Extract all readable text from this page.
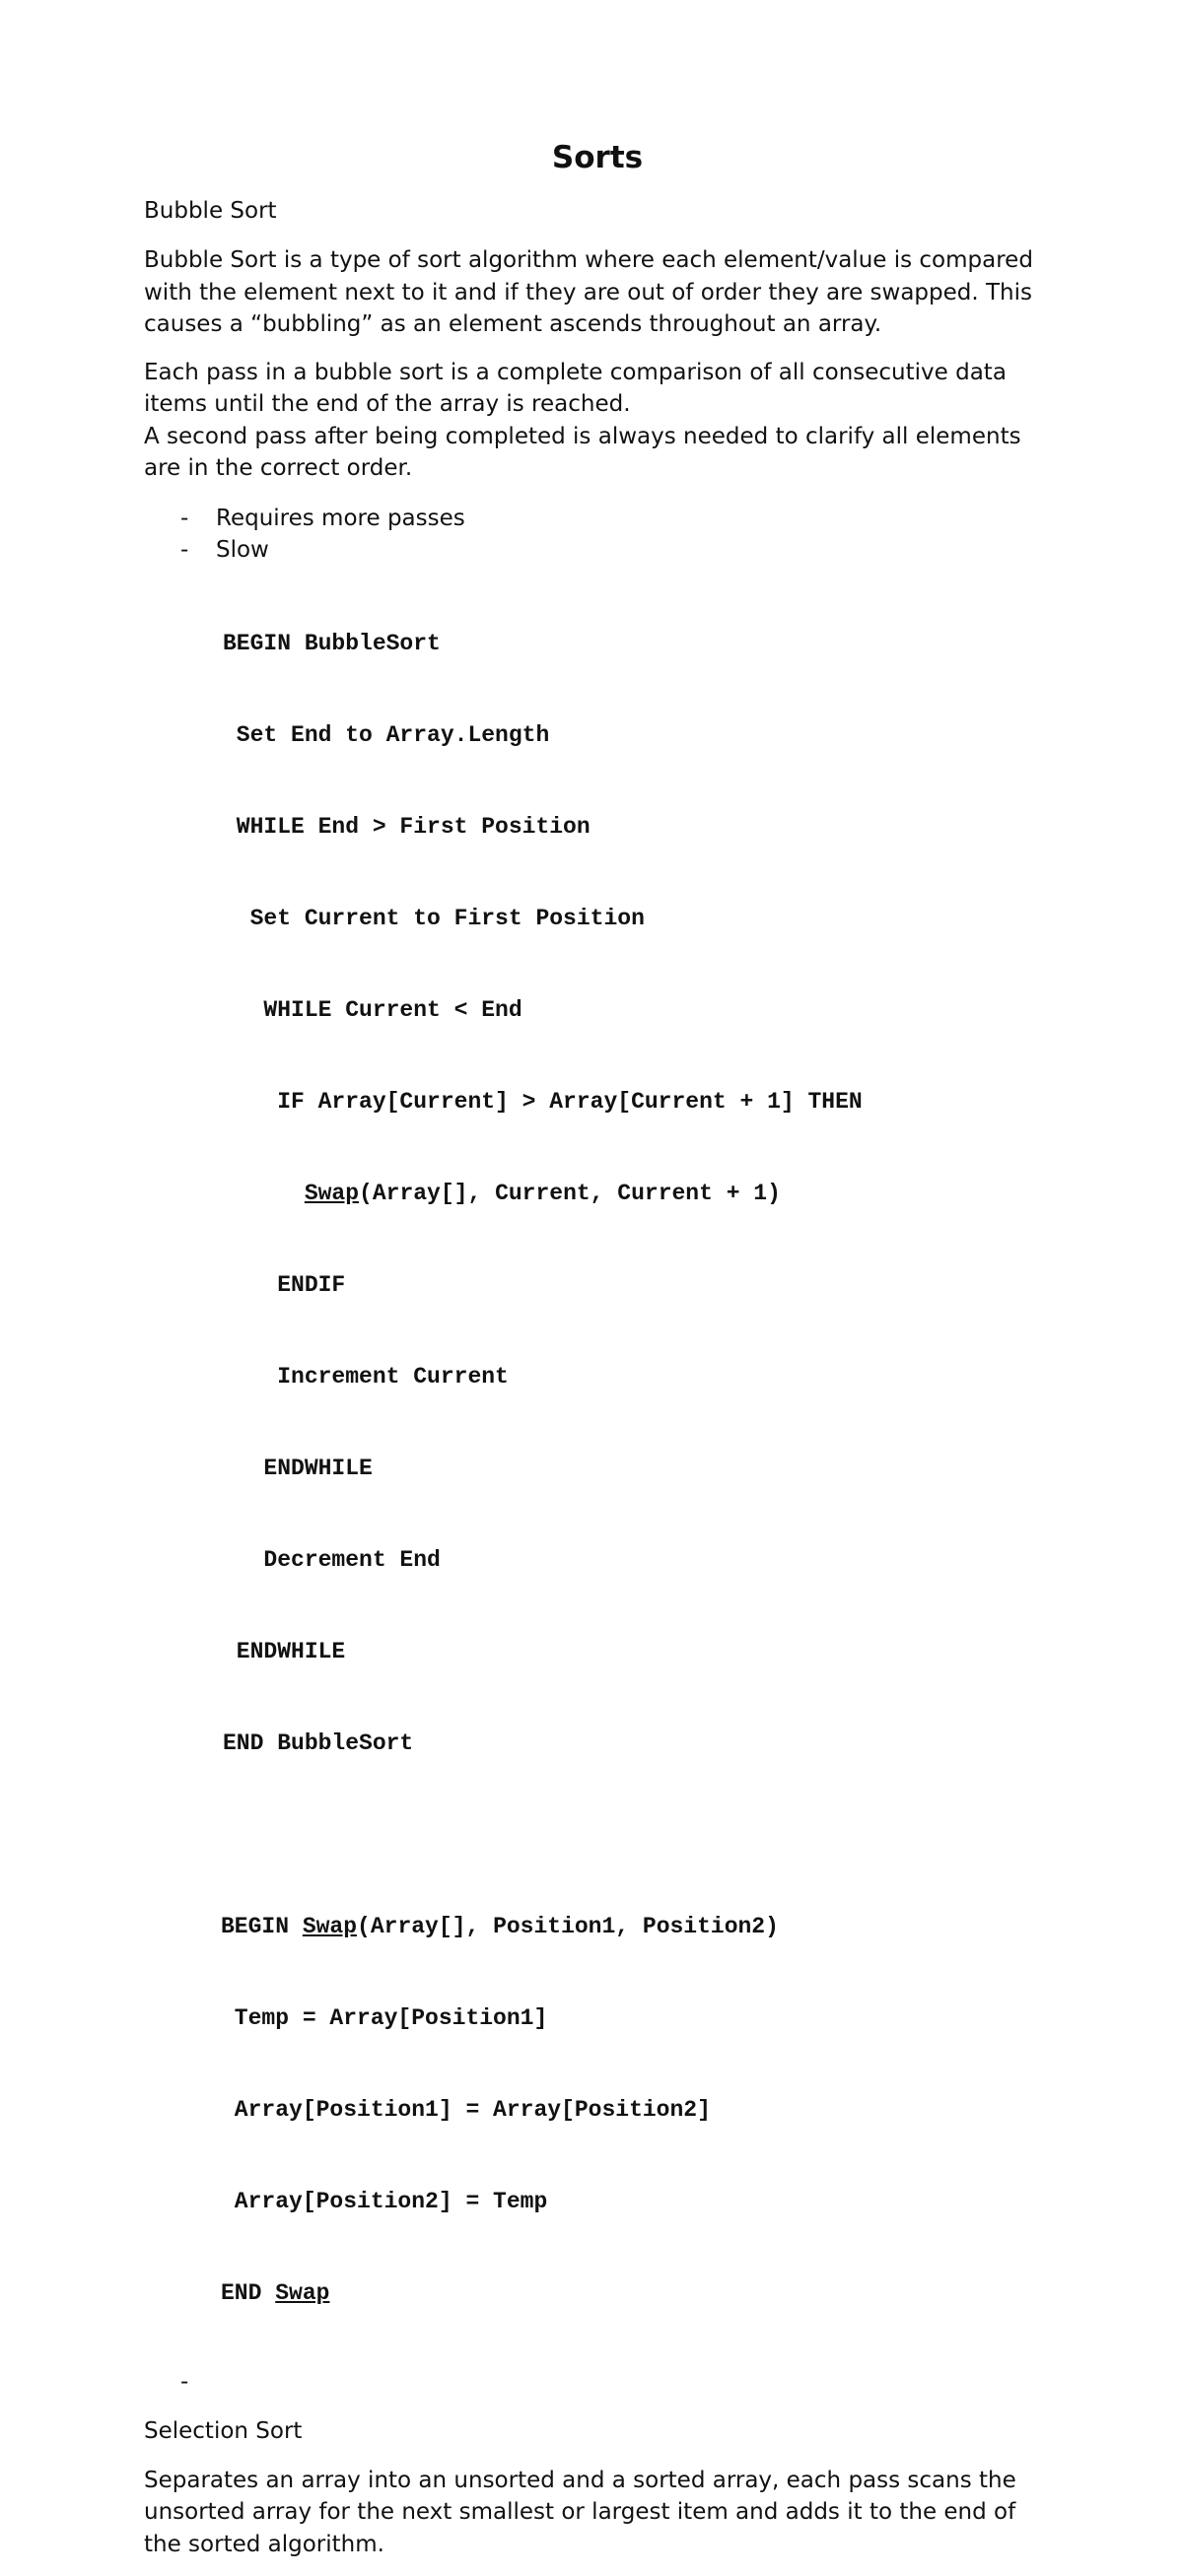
Sorts
Bubble Sort

Bubble Sort is a type of sort algorithm where each element/value is compared with the element next to it and if they are out of order they are swapped. This causes a “bubbling” as an element ascends throughout an array.

Each pass in a bubble sort is a complete comparison of all consecutive data items until the end of the array is reached.

A second pass after being completed is always needed to clarify all elements are in the correct order.

- Requires more passes
- Slow

BEGIN BubbleSort

Set End to Array.Length

WHILE End > First Position

Set Current to First Position

WHILE Current < End

IF Array[Current] > Array[Current + 1] THEN

Swap(Array[], Current, Current + 1)

ENDIF

Increment Current

ENDWHILE

Decrement End

ENDWHILE

END BubbleSort

BEGIN Swap(Array[], Position1, Position2)

Temp = Array[Position1]

Array[Position1] = Array[Position2]

Array[Position2] = Temp

END Swap

-
Selection Sort

Separates an array into an unsorted and a sorted array, each pass scans the unsorted array for the next smallest or largest item and adds it to the end of the sorted algorithm.
